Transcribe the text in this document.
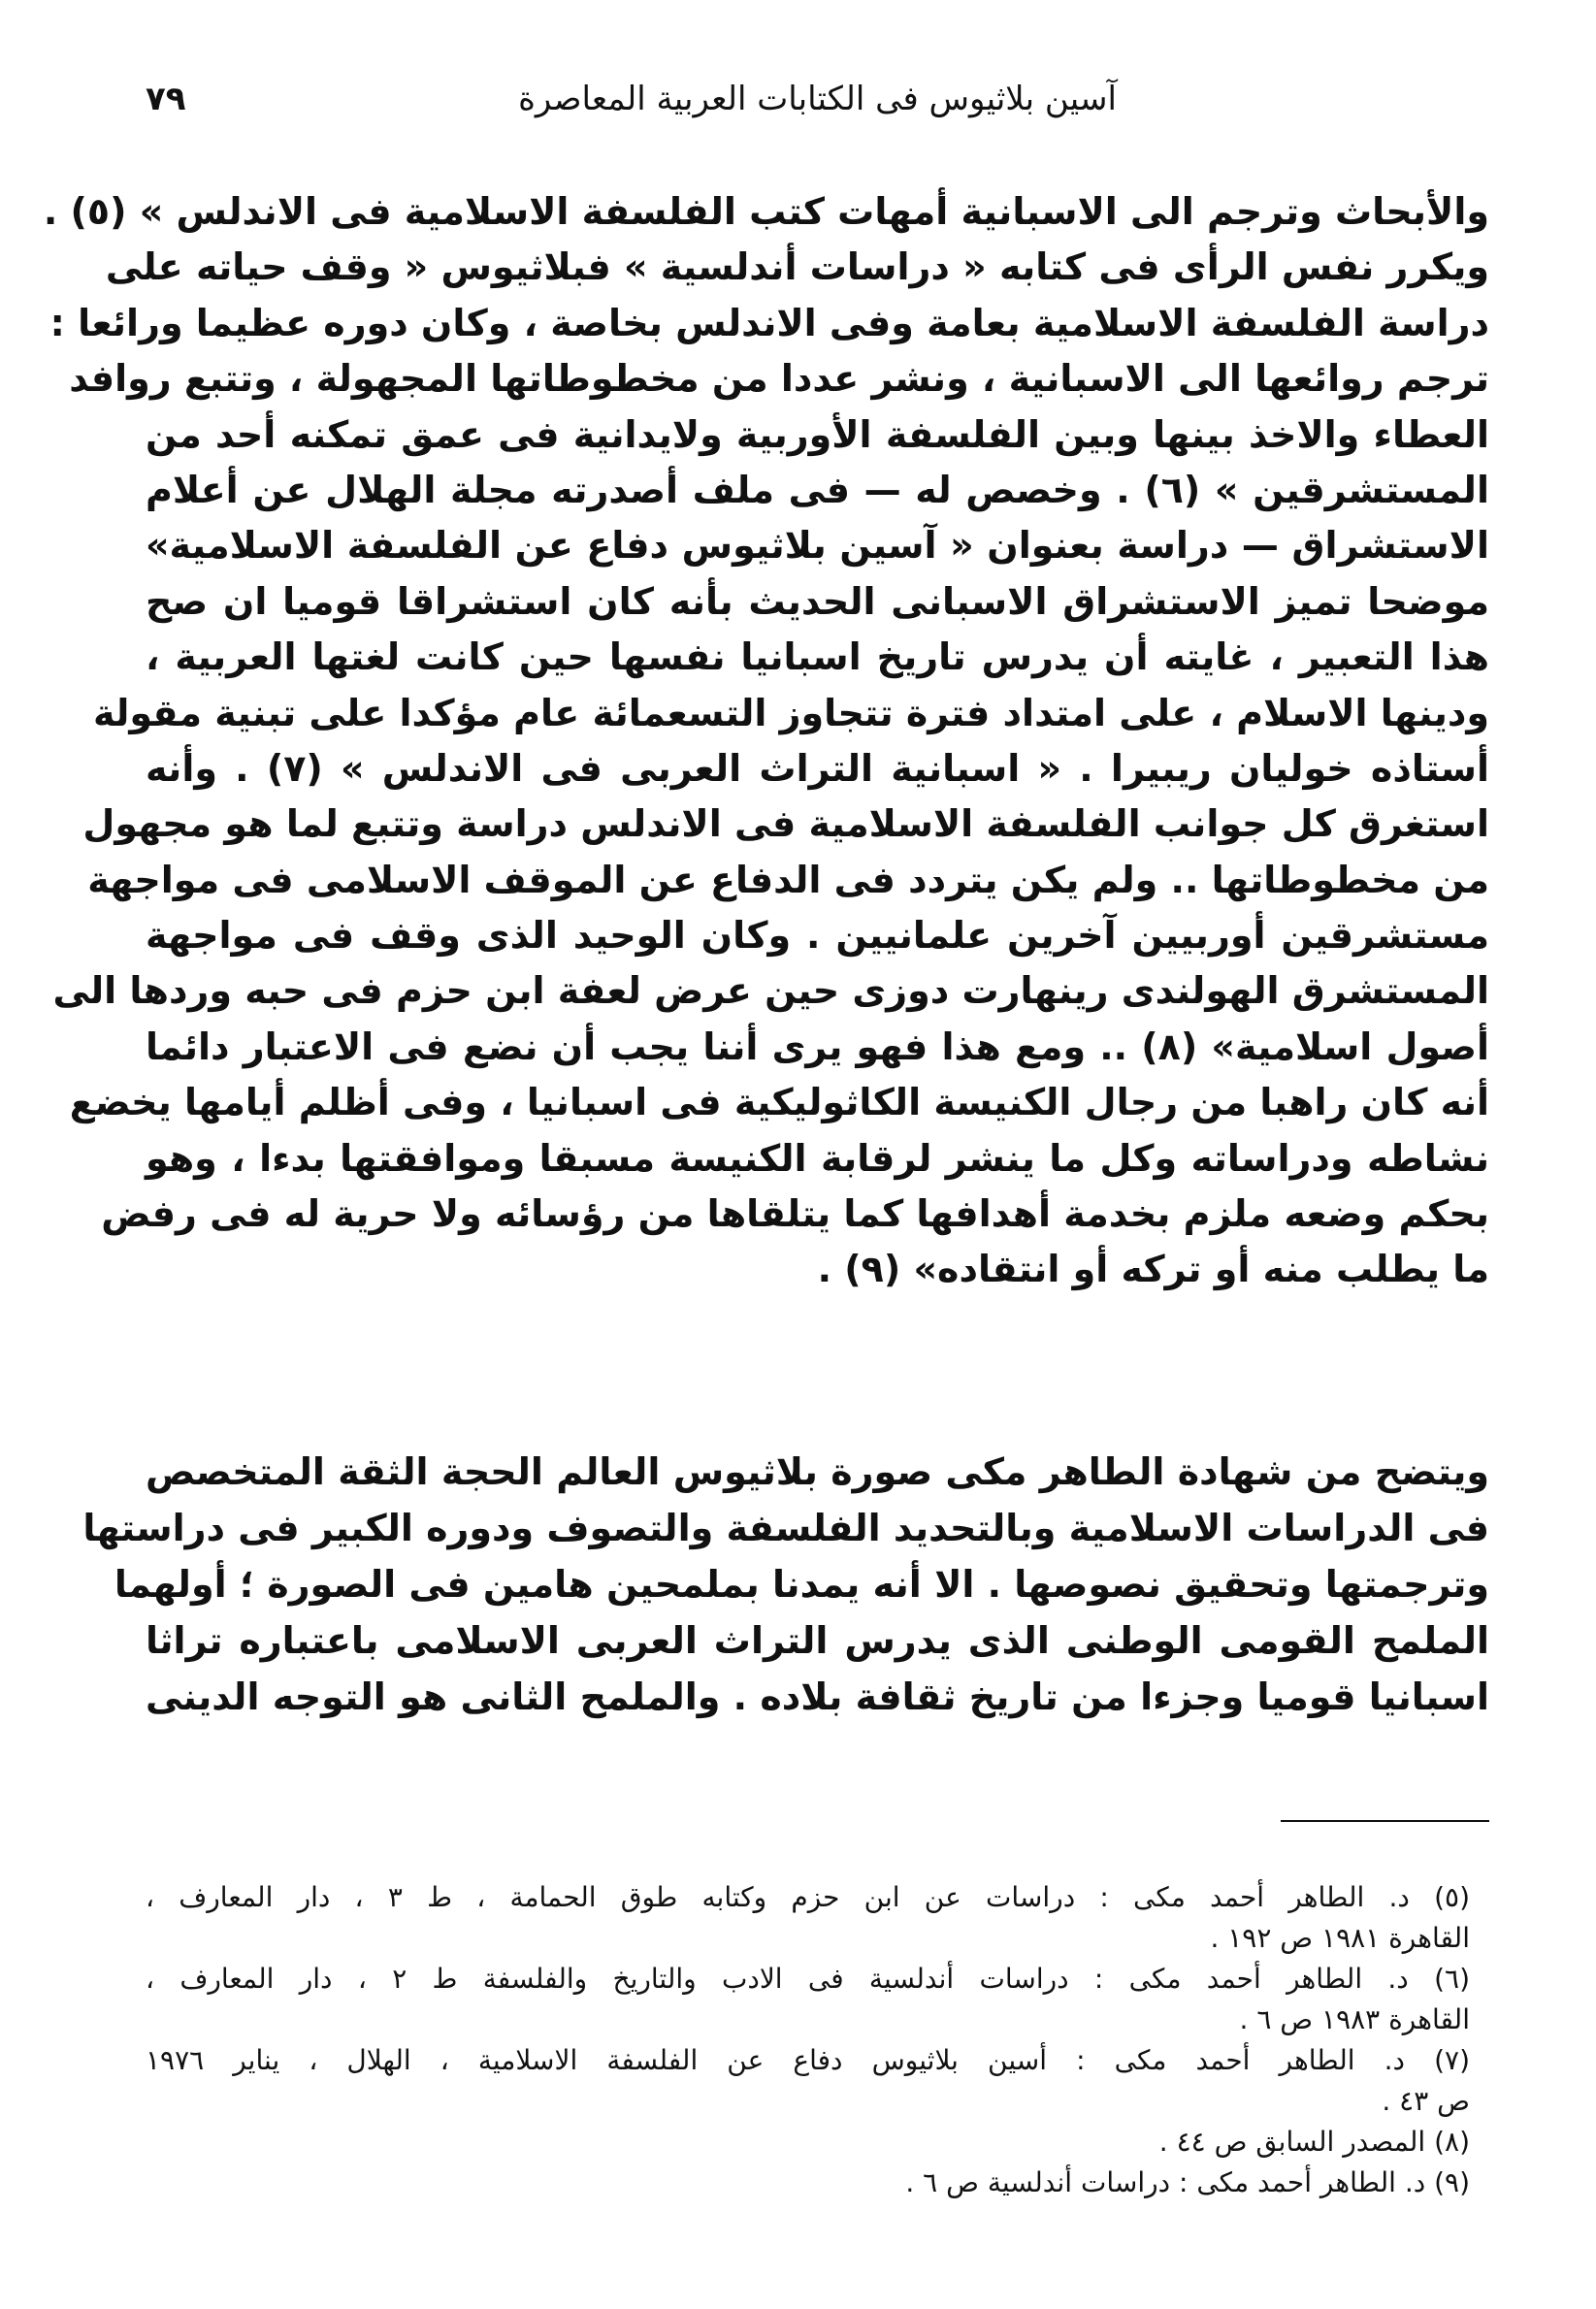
آسين بلاثيوس فى الكتابات العربية المعاصرة
٧٩
والأبحاث وترجم الى الاسبانية أمهات كتب الفلسفة الاسلامية فى الاندلس » (٥) .
ويكرر نفس الرأى فى كتابه « دراسات أندلسية » فبلاثيوس « وقف حياته على
دراسة الفلسفة الاسلامية بعامة وفى الاندلس بخاصة ، وكان دوره عظيما ورائعا :
ترجم روائعها الى الاسبانية ، ونشر عددا من مخطوطاتها المجهولة ، وتتبع روافد
العطاء والاخذ بينها وبين الفلسفة الأوربية ولايدانية فى عمق تمكنه أحد من
المستشرقين » (٦) . وخصص له — فى ملف أصدرته مجلة الهلال عن أعلام
الاستشراق — دراسة بعنوان « آسين بلاثيوس دفاع عن الفلسفة الاسلامية»
موضحا تميز الاستشراق الاسبانى الحديث بأنه كان استشراقا قوميا ان صح
هذا التعبير ، غايته أن يدرس تاريخ اسبانيا نفسها حين كانت لغتها العربية ،
ودينها الاسلام ، على امتداد فترة تتجاوز التسعمائة عام مؤكدا على تبنية مقولة
أستاذه خوليان ريبيرا . « اسبانية التراث العربى فى الاندلس » (٧) . وأنه
استغرق كل جوانب الفلسفة الاسلامية فى الاندلس دراسة وتتبع لما هو مجهول
من مخطوطاتها .. ولم يكن يتردد فى الدفاع عن الموقف الاسلامى فى مواجهة
مستشرقين أوربيين آخرين علمانيين . وكان الوحيد الذى وقف فى مواجهة
المستشرق الهولندى رينهارت دوزى حين عرض لعفة ابن حزم فى حبه وردها الى
أصول اسلامية» (٨) .. ومع هذا فهو يرى أننا يجب أن نضع فى الاعتبار دائما
أنه كان راهبا من رجال الكنيسة الكاثوليكية فى اسبانيا ، وفى أظلم أيامها يخضع
نشاطه ودراساته وكل ما ينشر لرقابة الكنيسة مسبقا وموافقتها بدءا ، وهو
بحكم وضعه ملزم بخدمة أهدافها كما يتلقاها من رؤسائه ولا حرية له فى رفض
ما يطلب منه أو تركه أو انتقاده» (٩) .
ويتضح من شهادة الطاهر مكى صورة بلاثيوس العالم الحجة الثقة المتخصص
فى الدراسات الاسلامية وبالتحديد الفلسفة والتصوف ودوره الكبير فى دراستها
وترجمتها وتحقيق نصوصها . الا أنه يمدنا بملمحين هامين فى الصورة ؛ أولهما
الملمح القومى الوطنى الذى يدرس التراث العربى الاسلامى باعتباره تراثا
اسبانيا قوميا وجزءا من تاريخ ثقافة بلاده . والملمح الثانى هو التوجه الدينى
(٥) د. الطاهر أحمد مكى : دراسات عن ابن حزم وكتابه طوق الحمامة ، ط ٣ ، دار المعارف ،
القاهرة ١٩٨١ ص ١٩٢ .
(٦) د. الطاهر أحمد مكى : دراسات أندلسية فى الادب والتاريخ والفلسفة ط ٢ ، دار المعارف ،
القاهرة ١٩٨٣ ص ٦ .
(٧) د. الطاهر أحمد مكى : أسين بلاثيوس دفاع عن الفلسفة الاسلامية ، الهلال ، يناير ١٩٧٦
ص ٤٣ .
(٨) المصدر السابق ص ٤٤ .
(٩) د. الطاهر أحمد مكى : دراسات أندلسية ص ٦ .
